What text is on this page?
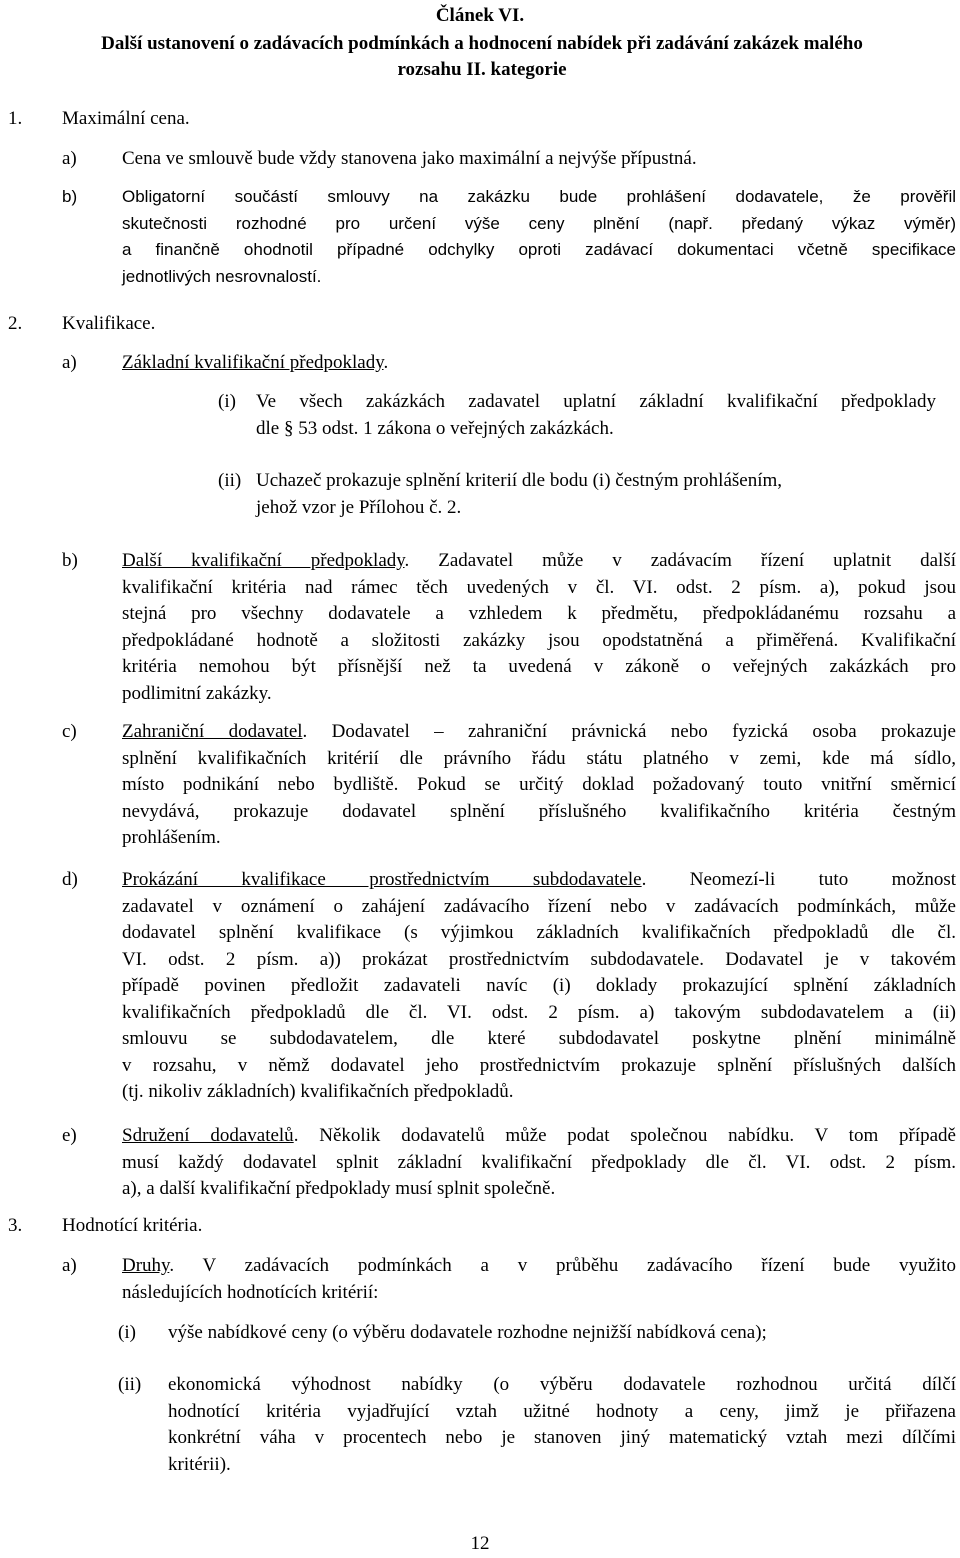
Článek VI.
Další ustanovení o zadávacích podmínkách a hodnocení nabídek při zadávání zakázek malého
rozsahu II. kategorie
1. Maximální cena.
a) Cena ve smlouvě bude vždy stanovena jako maximální a nejvýše přípustná.
b)	Obligatorní součástí smlouvy na zakázku bude prohlášení dodavatele, že prověřil
skutečnosti rozhodné pro určení výše ceny plnění (např. předaný výkaz výměr)
a finančně ohodnotil případné odchylky oproti zadávací dokumentaci včetně specifikace
jednotlivých nesrovnalostí.
2. Kvalifikace.
a) Základní kvalifikační předpoklady.
(i) Ve všech zakázkách zadavatel uplatní základní kvalifikační předpoklady
dle § 53 odst. 1 zákona o veřejných zakázkách.
(ii) Uchazeč prokazuje splnění kriterií dle bodu (i) čestným prohlášením,
jehož vzor je Přílohou č. 2.
b) Další kvalifikační předpoklady. Zadavatel může v zadávacím řízení uplatnit další
kvalifikační kritéria nad rámec těch uvedených v čl. VI. odst. 2 písm. a), pokud jsou
stejná pro všechny dodavatele a vzhledem k předmětu, předpokládanému rozsahu a
předpokládané hodnotě a složitosti zakázky jsou opodstatněná a přiměřená. Kvalifikační
kritéria nemohou být přísnější než ta uvedená v zákoně o veřejných zakázkách pro
podlimitní zakázky.
c) Zahraniční dodavatel. Dodavatel – zahraniční právnická nebo fyzická osoba prokazuje
splnění kvalifikačních kritérií dle právního řádu státu platného v zemi, kde má sídlo,
místo podnikání nebo bydliště. Pokud se určitý doklad požadovaný touto vnitřní směrnicí
nevydává, prokazuje dodavatel splnění příslušného kvalifikačního kritéria čestným
prohlášením.
d) Prokázání kvalifikace prostřednictvím subdodavatele. Neomezí-li tuto možnost
zadavatel v oznámení o zahájení zadávacího řízení nebo v zadávacích podmínkách, může
dodavatel splnění kvalifikace (s výjimkou základních kvalifikačních předpokladů dle čl.
VI. odst. 2 písm. a)) prokázat prostřednictvím subdodavatele. Dodavatel je v takovém
případě povinen předložit zadavateli navíc (i) doklady prokazující splnění základních
kvalifikačních předpokladů dle čl. VI. odst. 2 písm. a) takovým subdodavatelem a (ii)
smlouvu se subdodavatelem, dle které subdodavatel poskytne plnění minimálně
v rozsahu, v němž dodavatel jeho prostřednictvím prokazuje splnění příslušných dalších
(tj. nikoliv základních) kvalifikačních předpokladů.
e) Sdružení dodavatelů. Několik dodavatelů může podat společnou nabídku. V tom případě
musí každý dodavatel splnit základní kvalifikační předpoklady dle čl. VI. odst. 2 písm.
a), a další kvalifikační předpoklady musí splnit společně.
3. Hodnotící kritéria.
a) Druhy. V zadávacích podmínkách a v průběhu zadávacího řízení bude využito
následujících hodnotících kritérií:
(i) výše nabídkové ceny (o výběru dodavatele rozhodne nejnižší nabídková cena);
(ii) ekonomická výhodnost nabídky (o výběru dodavatele rozhodnou určitá dílčí
hodnotící kritéria vyjadřující vztah užitné hodnoty a ceny, jimž je přiřazena
konkrétní váha v procentech nebo je stanoven jiný matematický vztah mezi dílčími
kritérii).
12
